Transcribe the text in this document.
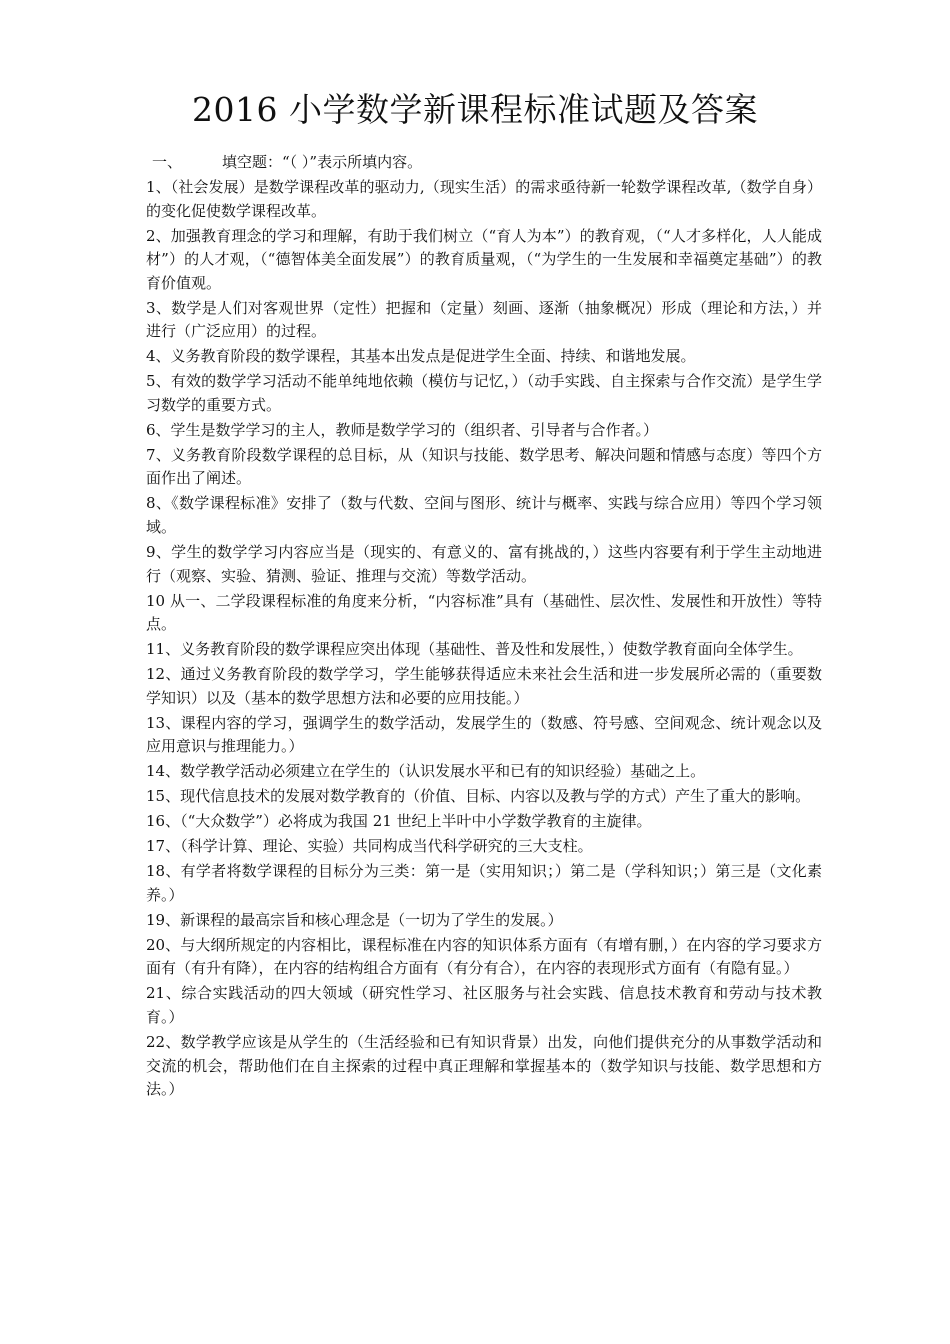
2016 小学数学新课程标准试题及答案
一、	填空题：“（ ）”表示所填内容。

1、（社会发展）是数学课程改革的驱动力,（现实生活）的需求亟待新一轮数学课程改革,（数学自身）的变化促使数学课程改革。

2、加强教育理念的学习和理解，有助于我们树立（“育人为本”）的教育观，（“人才多样化，人人能成材”）的人才观，（“德智体美全面发展”）的教育质量观，（“为学生的一生发展和幸福奠定基础”）的教育价值观。

3、数学是人们对客观世界（定性）把握和（定量）刻画、逐渐（抽象概况）形成（理论和方法，）并进行（广泛应用）的过程。

4、义务教育阶段的数学课程，其基本出发点是促进学生全面、持续、和谐地发展。

5、有效的数学学习活动不能单纯地依赖（模仿与记忆，）（动手实践、自主探索与合作交流）是学生学习数学的重要方式。

6、学生是数学学习的主人，教师是数学学习的（组织者、引导者与合作者。）

7、义务教育阶段数学课程的总目标，从（知识与技能、数学思考、解决问题和情感与态度）等四个方面作出了阐述。

8、《数学课程标准》安排了（数与代数、空间与图形、统计与概率、实践与综合应用）等四个学习领域。

9、学生的数学学习内容应当是（现实的、有意义的、富有挑战的，）这些内容要有利于学生主动地进行（观察、实验、猜测、验证、推理与交流）等数学活动。

10 从一、二学段课程标准的角度来分析，“内容标准”具有（基础性、层次性、发展性和开放性）等特点。

11、义务教育阶段的数学课程应突出体现（基础性、普及性和发展性，）使数学教育面向全体学生。

12、通过义务教育阶段的数学学习，学生能够获得适应未来社会生活和进一步发展所必需的（重要数学知识）以及（基本的数学思想方法和必要的应用技能。）

13、课程内容的学习，强调学生的数学活动，发展学生的（数感、符号感、空间观念、统计观念以及应用意识与推理能力。）

14、数学教学活动必须建立在学生的（认识发展水平和已有的知识经验）基础之上。

15、现代信息技术的发展对数学教育的（价值、目标、内容以及教与学的方式）产生了重大的影响。

16、（“大众数学”）必将成为我国 21 世纪上半叶中小学数学教育的主旋律。

17、（科学计算、理论、实验）共同构成当代科学研究的三大支柱。

18、有学者将数学课程的目标分为三类：第一是（实用知识；）第二是（学科知识；）第三是（文化素养。）

19、新课程的最高宗旨和核心理念是（一切为了学生的发展。）

20、与大纲所规定的内容相比，课程标准在内容的知识体系方面有（有增有删，）在内容的学习要求方面有（有升有降），在内容的结构组合方面有（有分有合），在内容的表现形式方面有（有隐有显。）

21、综合实践活动的四大领域（研究性学习、社区服务与社会实践、信息技术教育和劳动与技术教育。）

22、数学教学应该是从学生的（生活经验和已有知识背景）出发，向他们提供充分的从事数学活动和交流的机会，帮助他们在自主探索的过程中真正理解和掌握基本的（数学知识与技能、数学思想和方法。）
